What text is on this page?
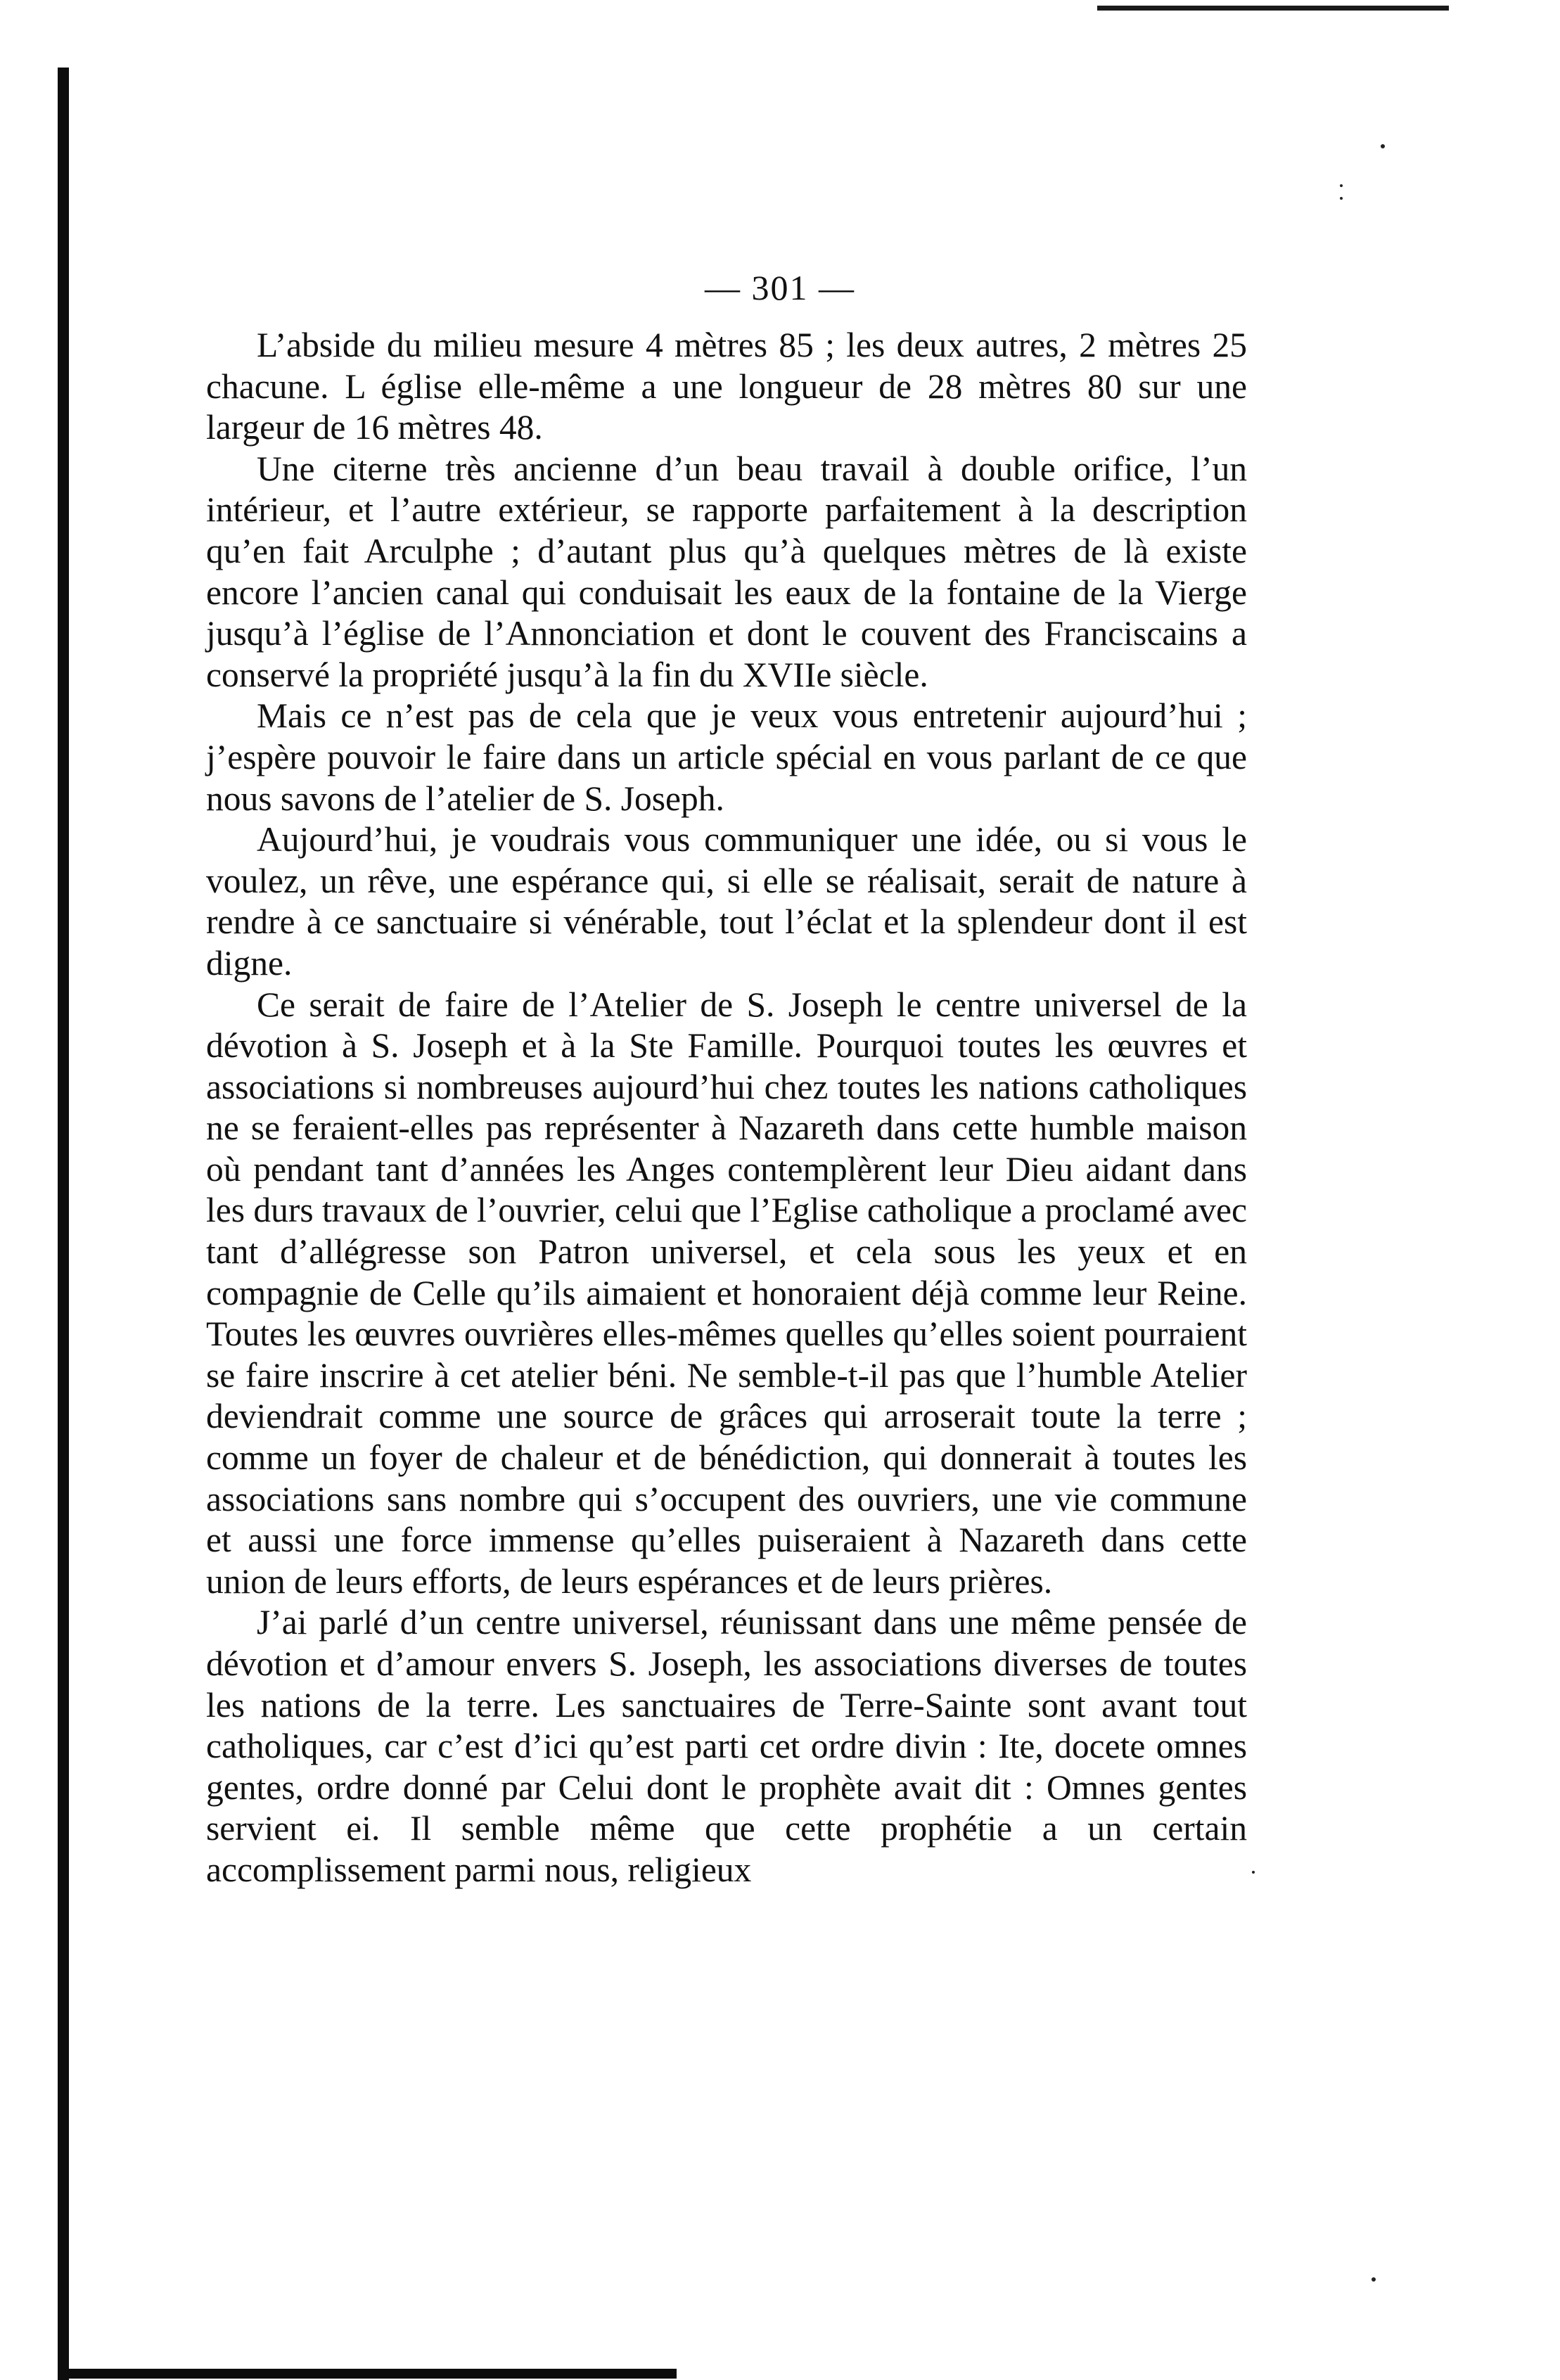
— 301 —

L’abside du milieu mesure 4 mètres 85 ; les deux autres, 2 mètres 25 chacune. L église elle-même a une longueur de 28 mètres 80 sur une largeur de 16 mètres 48.

Une citerne très ancienne d’un beau travail à double orifice, l’un intérieur, et l’autre extérieur, se rapporte parfaitement à la description qu’en fait Arculphe ; d’autant plus qu’à quelques mètres de là existe encore l’ancien canal qui conduisait les eaux de la fontaine de la Vierge jusqu’à l’église de l’Annonciation et dont le couvent des Franciscains a conservé la propriété jusqu’à la fin du XVIIe siècle.

Mais ce n’est pas de cela que je veux vous entretenir aujourd’hui ; j’espère pouvoir le faire dans un article spécial en vous parlant de ce que nous savons de l’atelier de S. Joseph.

Aujourd’hui, je voudrais vous communiquer une idée, ou si vous le voulez, un rêve, une espérance qui, si elle se réalisait, serait de nature à rendre à ce sanctuaire si vénérable, tout l’éclat et la splendeur dont il est digne.

Ce serait de faire de l’Atelier de S. Joseph le centre universel de la dévotion à S. Joseph et à la Ste Famille. Pourquoi toutes les œuvres et associations si nombreuses aujourd’hui chez toutes les nations catholiques ne se feraient-elles pas représenter à Nazareth dans cette humble maison où pendant tant d’années les Anges contemplèrent leur Dieu aidant dans les durs travaux de l’ouvrier, celui que l’Eglise catholique a proclamé avec tant d’allégresse son Patron universel, et cela sous les yeux et en compagnie de Celle qu’ils aimaient et honoraient déjà comme leur Reine. Toutes les œuvres ouvrières elles-mêmes quelles qu’elles soient pourraient se faire inscrire à cet atelier béni. Ne semble-t-il pas que l’humble Atelier deviendrait comme une source de grâces qui arroserait toute la terre ; comme un foyer de chaleur et de bénédiction, qui donnerait à toutes les associations sans nombre qui s’occupent des ouvriers, une vie commune et aussi une force immense qu’elles puiseraient à Nazareth dans cette union de leurs efforts, de leurs espérances et de leurs prières.

J’ai parlé d’un centre universel, réunissant dans une même pensée de dévotion et d’amour envers S. Joseph, les associations diverses de toutes les nations de la terre. Les sanctuaires de Terre-Sainte sont avant tout catholiques, car c’est d’ici qu’est parti cet ordre divin : Ite, docete omnes gentes, ordre donné par Celui dont le prophète avait dit : Omnes gentes servient ei. Il semble même que cette prophétie a un certain accomplissement parmi nous, religieux
